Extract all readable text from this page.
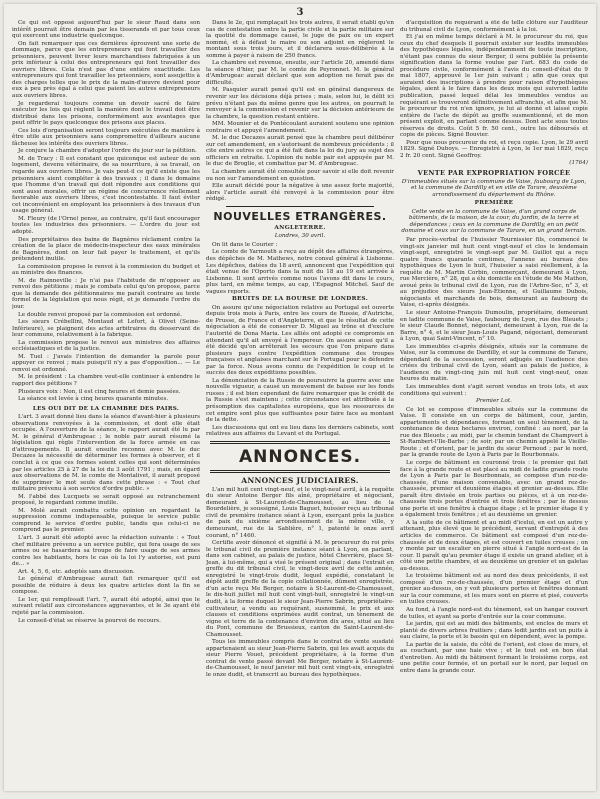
3

Ce qui est opposé aujourd'hui par le sieur Raud dans son intérêt pourrait être demain par les tisserands et par tous ceux qui exercent une industrie quelconque.

On fait remarquer que ces dernières éprouvent une sorte de dommage, parce que les entrepreneurs qui font travailler des prisonniers, peuvent livrer leurs marchandises fabriquées à un prix inférieur à celui des entrepreneurs qui font travailler des ouvriers libres. Cela n'est pas d'une entière exactitude. Les entrepreneurs qui font travailler les prisonniers, sont assujettis à des charges telles que le prix de la main-d'œuvre devient pour eux à peu près égal à celui que paient les autres entrepreneurs aux ouvriers libres.

Je regarderai toujours comme un devoir sacré de faire exécuter les lois qui règlent la manière dont le travail doit être distribué dans les prisons, conformément aux avantages que peut offrir le pays quelconque des prisons aux places.

Ces lois d'organisation seront toujours exécutées de manière à être utile aux prisonniers sans compromettre d'ailleurs aucune fâcheuse les intérêts des ouvriers libres.

Je conjure la chambre d'adopter l'ordre du jour sur la pétition.

M. de Tracy : Il est constant que quiconque est auteur de son logement, devenu vétérinaire, de sa nourriture, à sa travail, on regarde aux ouvriers libres. Je vais peut-il ce qu'il existe que les prisonniers aient compléter à des travaux ; il dans le domaine que l'homme d'un travail qui doit répondre aux conditions qui sont aussi morales, offrir un régime de concurrence réellement favorable aux ouvriers libres, c'est incontestable. Il faut éviter cet inconvénient en employant les prisonniers à des travaux d'un usage général.

M. Fleury (de l'Orne) pense, au contraire, qu'il faut encourager toutes les industries des prisonniers. — L'ordre du jour est adopté.

Des propriétaires des bains de Bagnères réclament contre la création de la place de médecin-inspecteur des eaux minérales de Bagnères, dont on leur fait payer le traitement, et qu'ils prétendent inutile.

La commission propose le renvoi à la commission du budget et au ministre des finances.

M. de Rainneville : Je n'ai pas l'habitude de m'opposer au renvoi des pétitions ; mais je combats celui qu'on propose, parce que la demande des pétitionnaires me paraît contraire au texte formel de la législation qui nous régit, et je demande l'ordre du jour.

Le double renvoi proposé par la commission est ordonné.

Les sieurs Crébellini, Montaud et Lefort, à Olivet (Seine-Inférieure), se plaignent des actes arbitraires du desservant de leur commune, relativement à la fabrique.

La commission propose le renvoi aux ministres des affaires ecclésiastiques et de la justice.

M. Tuel : J'avais l'intention de demander la parole pour appuyer ce renvoi ; mais puisqu'il n'y a pas d'opposition... — Le renvoi est ordonné.

M. le président : La chambre veut-elle continuer à entendre le rapport des pétitions ?

Plusieurs voix : Non, il est cinq heures et demie passées.

La séance est levée à cinq heures quarante minutes.

LES OUI DIT DE LA CHAMBRE DES PAIRS.

L'art. 3 avait donné lieu dans la séance d'avant-hier à plusieurs observations renvoyées à la commission, et dont elle était occupée. A l'ouverture de la séance, le rapport aurait été lu par M. le général d'Ambrugeac ; le noble pair aurait résumé la législation qui règle l'intervention de la force armée en cas d'attroupements. Il aurait ensuite reconnu avec M. le duc Decazes la nécessité de déterminer les formes à observer, et il conclut à ce que ces formes soient celles qui sont déterminées par les articles 25 à 27 de la loi du 3 août 1791 ; mais, en égard aux observations de M. le comte de Montalivet, il aurait proposé de supprimer le mot seule dans cette phrase : « Tout chef militaire prévenu à son service d'ordre public. »

M. l'abbé des Lucquets se serait opposé au retranchement proposé, le regardant comme inutile.

M. Molé aurait combattu cette opinion en regardant la suppression comme indispensable, puisque le service public comprend le service d'ordre public, tandis que celui-ci ne comprend pas le premier.

L'art. 3 aurait été adopté avec la rédaction suivante : « Tout chef militaire prévenu a un service public, qui fera usage de ses armes ou se hasardera sa troupe de faire usage de ses armes contre les habitants, hors le cas où la loi l'y autorise, est puni de... »

Art. 4, 5, 6, etc. adoptés sans discussion.

Le général d'Ambrugeac aurait fait remarquer qu'il est possible de réduire à deux les quatre articles dont la fin se compose.

Le 1er, qui remplissait l'art. 7, aurait été adopté, ainsi que le suivant relatif aux circonstances aggravantes, et le 3e ayant été rejeté par la commission.

Le conseil-d'état se réserve la pourvoi de recours.

Dans le 2e, qui remplaçait les trois autres, il serait établi qu'en cas de contestation entre la partie civile et la partie militaire sur la quotité du dommage causé, le juge de paix ou un expert nommé, et à défaut le maire ou son adjoint en régleront le montant sous trois jours, et il déclarera sous-délibérée à la somme à payer à raison de 250 francs.

La chambre est revenue, ensuite, sur l'article 20, amendé dans la séance d'hier, par M. le comte de Peyronnet. M. le général d'Ambrugeac aurait déclaré que son adoption ne ferait pas de difficulté.

M. Pasquier aurait pensé qu'il est en général dangereux de revenir sur les décisions déjà prises ; mais, selon lui, le délit ici prévu n'étant pas du même genre que les autres, on pourrait le renvoyer à la commission et revenir sur la décision antérieure de la chambre, la question restant entière.

MM. Mounier et de Pontécoulant auraient soutenu une opinion contraire et appuyé l'amendement.

M. le duc Decazes aurait pensé que la chambre peut délibérer sur cet amendement, en s'autorisant de nombreux précédents ; il cite entre autres ce qui a été fait dans la loi du jury au sujet des officiers en retraite. L'opinion du noble pair est appuyée par M. le duc de Broglie, et combattue par M. d'Ambrugeac.

La chambre aurait été consultée pour savoir si elle doit revenir ou non sur l'amendement en question.

Elle aurait décidé pour la négative à une assez forte majorité, alors l'article aurait été renvoyé à la commission pour être rédigé.

NOUVELLES ETRANGÈRES.
ANGLETERRE.
Londres, 30 avril.

On lit dans le Courier :

Le comte de Yarmouth a reçu au dépôt des affaires étrangères, des dépêches de M. Mathews, notre consul général à Lisbonne. Les dépêches, datées du 18 avril, annoncent que l'expédition qui était venue de l'Oporto dans la nuit du 18 au 19 est arrivée à Lisbonne. Il sont arrivés comme nous l'avons dit dans le cours, plus tard, en même temps, au cap, l'Espagnol Mitchel. Sauf de vagues reports.

BRUITS DE LA BOURSE DE LONDRES.

On assure qu'une négociation relative au Portugal est ouverte depuis trois mois à Paris, entre les cours de Russie, d'Autriche, de Prusse, de France et d'Angleterre, et que le résultat de cette négociation a été de conserver D. Miguel au trône et d'exclure l'autorité de Dona Maria. Les alliés ont adopté ce compromis en attendant qu'il ait envoyé à l'empereur. On assure aussi qu'il a été décidé qu'on arrêterait les secours que l'on prépare dans plusieurs pays contre l'expédition commune des troupes françaises et anglaises marchant sur le Portugal pour le défendre par la force. Nous avons connu de l'expédition le coup et le succès des deux expéditions possibles.

La dénonciation de la Russie de poursuivre la guerre avec une nouvelle vigueur, a causé un mouvement de baisse sur les fonds russes ; il est bien cependant de faire remarquer que le crédit de la Russie s'est maintenu ; cette circonstance est attribuée à la présomption des capitalistes européens, que les ressources de cet empire sont plus que suffisantes pour faire face au montant de la dette.

Les discussions qui ont eu lieu dans les derniers cabinets, sont relatives aux affaires du Levant et du Portugal.

ANNONCES.
ANNONCES JUDICIAIRES.

L'an mil huit cent vingt-neuf, et le vingt-neuf avril, à la requête du sieur Antoine Berger fils aîné, propriétaire et négociant, demeurant à St-Laurent-de-Chamousset, au lieu de la Bourdelière, je soussigné, Louis Baguet, huissier reçu au tribunal civil de première instance séant à Lyon, exerçant près la justice de paix du sixième arrondissement de la même ville, y demeurant, rue de la Sablière, n° 1, patenté le onze avril courant, n° 1460.

Certifie avoir dénoncé et signifié à M. le procureur du roi près le tribunal civil de première instance séant à Lyon, en parlant, dans son cabinet, au palais de justice, hôtel Chevrière, place St-Jean, à lui-même, qui a visé le présent original ; dans l'extrait en greffe du dit tribunal civil, le vingt-deux avril de cette année, enregistré le vingt-trois dudit, lequel expédié, constatant le dépôt audit greffe de la copie collationnée, dûment enregistrée, d'un acte reçu Me Berger, notaire à St-Laurent-de-Chamousset, le dix-huit juillet mil huit cent vingt-huit, enregistré le vingt-un dudit, à la forme duquel le sieur Jean-Pierre Sabrin, propriétaire-cultivateur, a vendu au requérant, susnommé, le prix et aux clauses et conditions exprimées audit contrat, un tènement de vigne et terre de la contenance d'environ dix ares, situé au lieu du Pont, commune de Brussieux, canton de Saint-Laurent-de-Chamousset.

Tous les immeubles compris dans le contrat de vente susdaté appartenaient au sieur Jean-Pierre Sabrin, qui les avait acquis du sieur Pierre Vouet, précédent propriétaire, à la forme d'un contrat de vente passé devant Me Berger, notaire à St-Laurent-de-Chamousset, le neuf janvier mil huit cent vingt-six, enregistré le onze dudit, et transcrit au bureau des hypothèques.

d'acquisition du requérant a été de telle clôture sur l'auditeur du tribunal civil de Lyon, conformément à la loi.

Et j'ai en même temps déclaré à M. le procureur du roi, que ceux du chef desquels il pourrait exister sur lesdits immeubles des hypothèques légales, indépendamment de toute inscription, n'étant pas connus du sieur Berger, il sera publiée la présente signification dans la forme voulue par l'art. 683 du code de procédure civile, conformément à l'avis du conseil-d'état du 9 mai 1807, approuvé le 1er juin suivant ; afin que ceux qui auraient des inscriptions à prendre pour raison d'hypothèques légales, aient à le faire dans les deux mois qui suivront ladite publication, passé lequel délai les immeubles vendus au requérant se trouveront définitivement affranchis, et afin que M. le procureur du roi n'en ignore, je lui ai donné et laissé copie entière de l'acte de dépôt au greffe susmentionné, et de mon présent exploit, en parlant comme dessus. Dont acte sous toutes réserves de droits. Coût 5 fr. 50 cent., outre les déboursés et copie de pièces. Signé Bouvier.

Pour que nous procureur du roi, et reçu copie. Lyon, le 29 avril 1829. Signé Duboys. — Enregistré à Lyon, le 1er mai 1829, reçu 2 fr. 20 cent. Signé Geoffroy.

(1764)
VENTE PAR EXPROPRIATION FORCÉE
D'immeubles situés sur la commune de Vaise, faubourg de Lyon, et la commune de Dardilly et en ville de Tarare, deuxième arrondissement du département du Rhône.
PREMIÈRE
Cette vente en la commune de Vaise, d'un grand corps de bâtiments, de la maison, de la cour, du jardin, de la terre et dépendances ; ceux en la commune de Dardilly, en un petit domaine et ceux sur la commune de Tarare, en un grand terrain.

Par procès-verbal de l'huissier Tournissier fils, commencé le vingt-six janvier mil huit cent vingt-neuf et clos le lendemain vingt-sept, enregistré le vingt-sept par M. Guillot qui a reçu quatre francs quarante centimes, l'annexe au bureau des hypothèques de Lyon le huit, l'huissier a saisi réellement, à la requête de M. Martin Corbin, commerçant, demeurant à Lyon, rue Mercière, n° 28, qui a élu domicile en l'étude de Me Mathon, avoué près le tribunal civil de Lyon, rue de l'Arbre-Sec, n° 3, et au préjudice des sieurs Jean-Étienne, et Guillaume Dubois, négociants et marchands de bois, demeurant au faubourg de Vaise, ci-après désignés.

Le sieur Antoine-François Dumoulin, propriétaire, demeurant en ladite commune de Vaise, faubourg de Lyon, rue des Bleuets ; le sieur Claude Bonnet, négociant, demeurant à Lyon, rue de la Barre, n° 4, et le sieur Jean-Louis Pagand, négociant, demeurant à Lyon, quai Saint-Vincent, n° 10.

Les immeubles ci-après désignés, situés sur la commune de Vaise, sur la commune de Dardilly, et sur la commune de Tarare, dépendant de la succession, seront adjugés en l'audience des criées du tribunal civil de Lyon, séant au palais de justice, à l'audience du vingt-cinq juin mil huit cent vingt-neuf, onze heures du matin.

Les immeubles dont s'agit seront vendus en trois lots, et aux conditions qui suivent :

Premier Lot.

Ce lot se compose d'immeubles situés sur la commune de Vaise. Il consiste en un corps de bâtiment, cour, jardin, appartements et dépendances, formant un seul tènement, de la contenance de deux hectares environ, confiné : au nord, par la rue des Bleuets ; au midi, par le chemin tendant de Champvert à St-Rambert-l'Ile-Barbe ; de soir, par un chemin appelé la Vieille-Route ; et d'orient, par le jardin du sieur Pernoud ; par le nord, par la grande route de Lyon à Paris par le Bourbonnais.

Le corps de bâtiment en couronné trois : le premier qui fait face à la grande route et est placé au midi de ladite grande route de Lyon à Paris par le Bourbonnais, se compose d'un rez-de-chaussée, d'une maison convenable, avec un grand rez-de-chaussée, premier et deuxième étages et grenier au-dessus. Elle paraît être divisée en trois parties ou pièces, et à un rez-de-chaussée trois portes d'entrée et trois fenêtres ; par le dessus une porte et une fenêtre à chaque étage ; et le premier étage il y a également trois fenêtres ; et au deuxième un grenier.

A la suite de ce bâtiment et au midi d'icelui, en est un autre y attenant, plus élevé que le précédent, servant d'entrepôt à des articles de commerce. Ce bâtiment est composé d'un rez-de-chaussée et de deux étages, et est couvert en tuiles creuses ; on y monte par un escalier en pierre situé à l'angle nord-est de la cour. Il paraît qu'au premier étage il existe un grand atelier, et à côté une petite chambre, et au deuxième un grenier et un galetas au-dessus.

Le troisième bâtiment est au nord des deux précédents, il est composé d'un rez-de-chaussée, d'un premier étage et d'un grenier au-dessus, on y voit plusieurs portes et fenêtres donnant sur la cour commune, et les murs sont en pierre et pisé, couverts en tuiles creuses.

Au fond, à l'angle nord-est du ténement, est un hangar couvert de tuiles, et ayant sa porte d'entrée sur la cour commune.

Le jardin, qui est au midi des bâtiments, est enclos de murs et planté de divers arbres fruitiers ; dans ledit jardin est un puits à eau claire, la porte et le bassin qui en dépendent, avec la pompe.

La partie de la saisie, du côté de l'orient, est close de murs, et au couchant, par une haie vive ; et le tout est en bon état d'entretien. Au midi du bâtiment formant le troisième corps, est une petite cour fermée, et un portail sur le nord, par lequel on entre dans la grande cour.
